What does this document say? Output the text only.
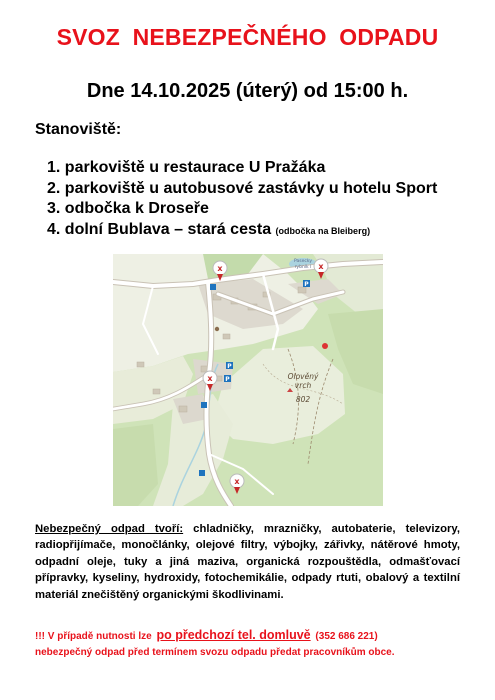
SVOZ NEBEZPEČNÉHO ODPADU
Dne 14.10.2025 (úterý) od 15:00 h.
Stanoviště:
1. parkoviště u restaurace U Pražáka
2. parkoviště u autobusové zastávky u hotelu Sport
3. odbočka k Droseře
4. dolní Bublava – stará cesta (odbočka na Bleiberg)
P
P
P	Olověný
vrch
802
Pasecky
rybník I
x	x
x
x
Nebezpečný odpad tvoří: chladničky, mrazničky, autobaterie, televizory, radiopřijímače, monočlánky, olejové filtry, výbojky, zářivky, nátěrové hmoty, odpadní oleje, tuky a jiná maziva, organická rozpouštědla, odmašťovací přípravky, kyseliny, hydroxidy, fotochemikálie, odpady rtuti, obalový a textilní materiál znečištěný organickými škodlivinami.
!!! V případě nutnosti lze po předchozí tel. domluvě (352 686 221)
nebezpečný odpad před termínem svozu odpadu předat pracovníkům obce.
